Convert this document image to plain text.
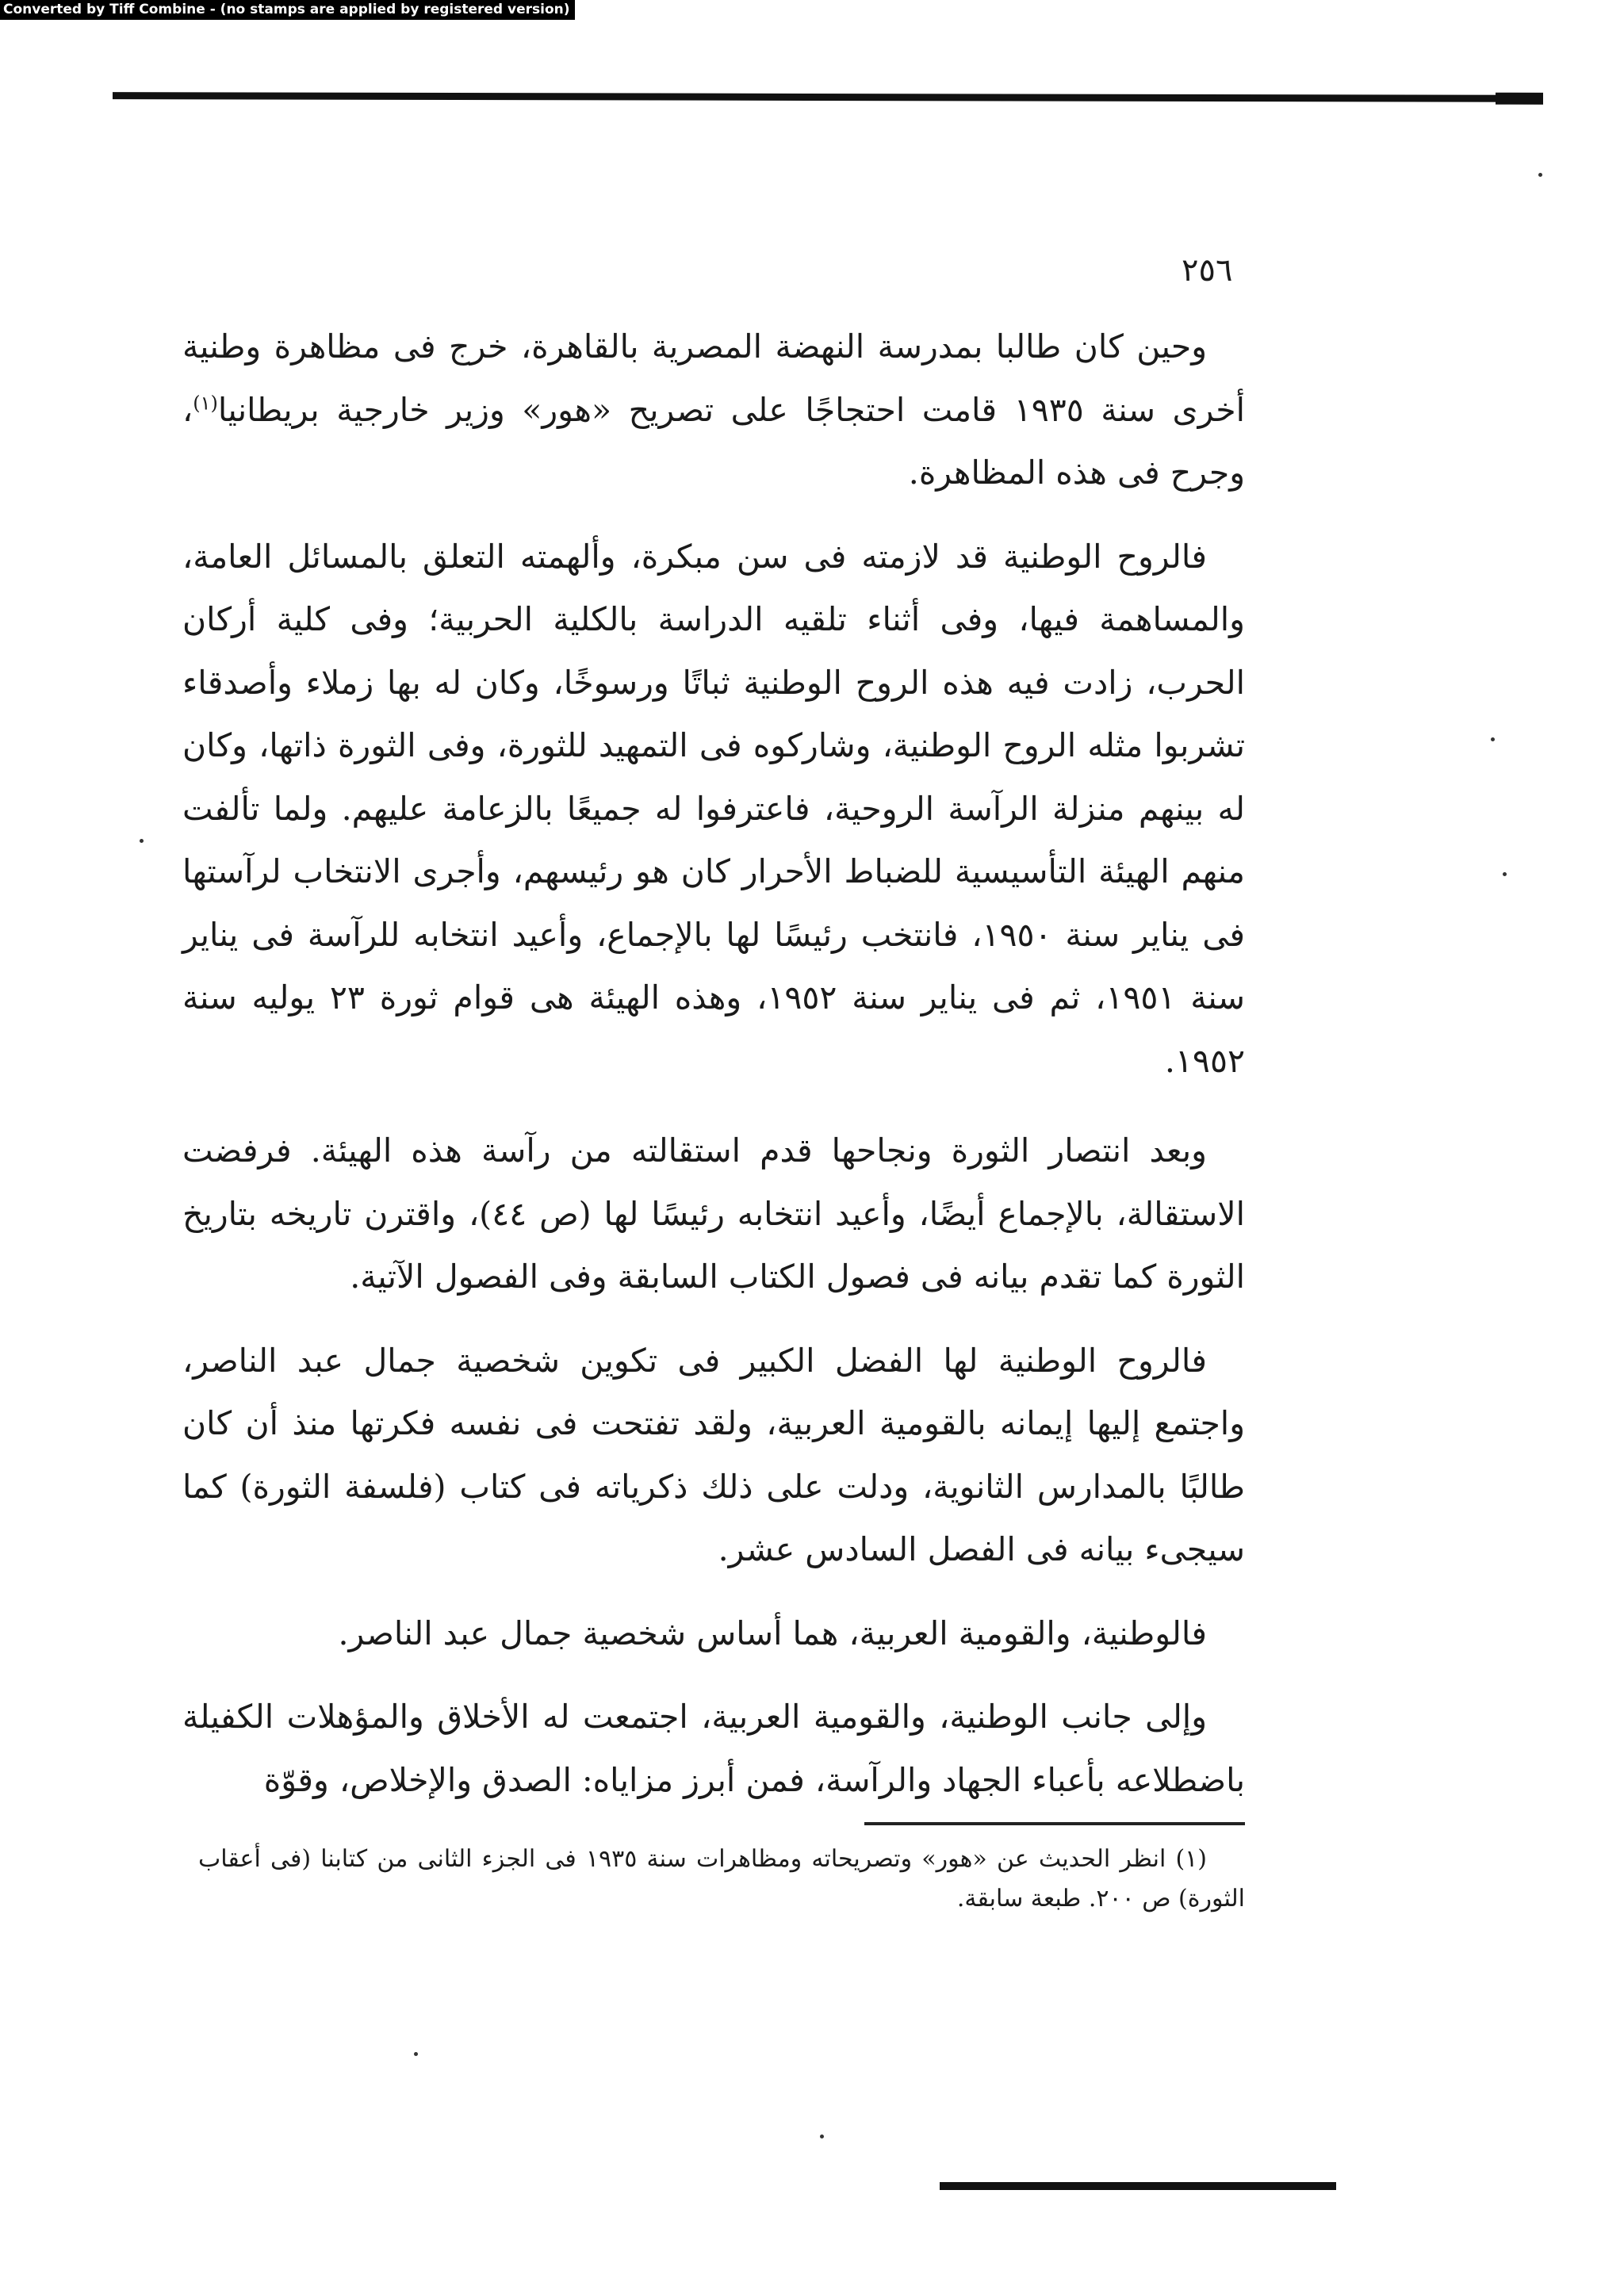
Converted by Tiff Combine - (no stamps are applied by registered version)
٢٥٦

وحين كان طالبا بمدرسة النهضة المصرية بالقاهرة، خرج فى مظاهرة وطنية أخرى سنة ١٩٣٥ قامت احتجاجًا على تصريح «هور» وزير خارجية بريطانيا$^{(١)}$، وجرح فى هذه المظاهرة.

فالروح الوطنية قد لازمته فى سن مبكرة، وألهمته التعلق بالمسائل العامة، والمساهمة فيها، وفى أثناء تلقيه الدراسة بالكلية الحربية؛ وفى كلية أركان الحرب، زادت فيه هذه الروح الوطنية ثباتًا ورسوخًا، وكان له بها زملاء وأصدقاء تشربوا مثله الروح الوطنية، وشاركوه فى التمهيد للثورة، وفى الثورة ذاتها، وكان له بينهم منزلة الرآسة الروحية، فاعترفوا له جميعًا بالزعامة عليهم. ولما تألفت منهم الهيئة التأسيسية للضباط الأحرار كان هو رئيسهم، وأجرى الانتخاب لرآستها فى يناير سنة ١٩٥٠، فانتخب رئيسًا لها بالإجماع، وأعيد انتخابه للرآسة فى يناير سنة ١٩٥١، ثم فى يناير سنة ١٩٥٢، وهذه الهيئة هى قوام ثورة ٢٣ يوليه سنة ١٩٥٢.

وبعد انتصار الثورة ونجاحها قدم استقالته من رآسة هذه الهيئة. فرفضت الاستقالة، بالإجماع أيضًا، وأعيد انتخابه رئيسًا لها (ص ٤٤)، واقترن تاريخه بتاريخ الثورة كما تقدم بيانه فى فصول الكتاب السابقة وفى الفصول الآتية.

فالروح الوطنية لها الفضل الكبير فى تكوين شخصية جمال عبد الناصر، واجتمع إليها إيمانه بالقومية العربية، ولقد تفتحت فى نفسه فكرتها منذ أن كان طالبًا بالمدارس الثانوية، ودلت على ذلك ذكرياته فى كتاب (فلسفة الثورة) كما سيجىء بيانه فى الفصل السادس عشر.

فالوطنية، والقومية العربية، هما أساس شخصية جمال عبد الناصر.

وإلى جانب الوطنية، والقومية العربية، اجتمعت له الأخلاق والمؤهلات الكفيلة باضطلاعه بأعباء الجهاد والرآسة، فمن أبرز مزاياه: الصدق والإخلاص، وقوّة

(١) انظر الحديث عن «هور» وتصريحاته ومظاهرات سنة ١٩٣٥ فى الجزء الثانى من كتابنا (فى أعقاب الثورة) ص ٢٠٠. طبعة سابقة.
